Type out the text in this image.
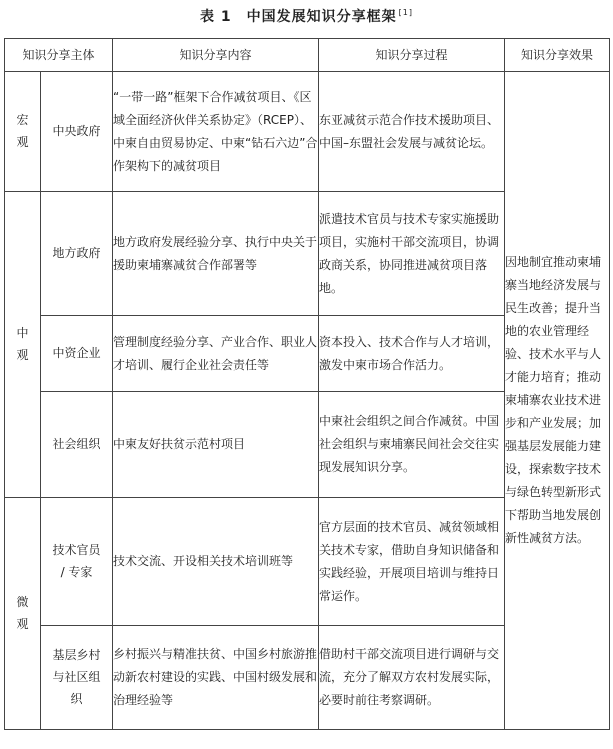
表 1　中国发展知识分享框架 [1]
知识分享主体		知识分享内容	知识分享过程	知识分享效果
宏观	中央政府	“一带一路”框架下合作减贫项目、《区域全面经济伙伴关系协定》（RCEP）、中柬自由贸易协定、中柬“钻石六边”合作架构下的减贫项目	东亚减贫示范合作技术援助项目、中国–东盟社会发展与减贫论坛。	因地制宜推动柬埔寨当地经济发展与民生改善；提升当地的农业管理经验、技术水平与人才能力培育；推动柬埔寨农业技术进步和产业发展；加强基层发展能力建设，探索数字技术与绿色转型新形式下帮助当地发展创新性减贫方法。
中观	地方政府	地方政府发展经验分享、执行中央关于援助柬埔寨减贫合作部署等	派遣技术官员与技术专家实施援助项目，实施村干部交流项目，协调政商关系，协同推进减贫项目落地。	
	中资企业	管理制度经验分享、产业合作、职业人才培训、履行企业社会责任等	资本投入、技术合作与人才培训，激发中柬市场合作活力。	
	社会组织	中柬友好扶贫示范村项目	中柬社会组织之间合作减贫。中国社会组织与柬埔寨民间社会交往实现发展知识分享。	
微观	技术官员 / 专家	技术交流、开设相关技术培训班等	官方层面的技术官员、减贫领域相关技术专家，借助自身知识储备和实践经验，开展项目培训与维持日常运作。	
	基层乡村与社区组织	乡村振兴与精准扶贫、中国乡村旅游推动新农村建设的实践、中国村级发展和治理经验等	借助村干部交流项目进行调研与交流，充分了解双方农村发展实际，必要时前往考察调研。	
